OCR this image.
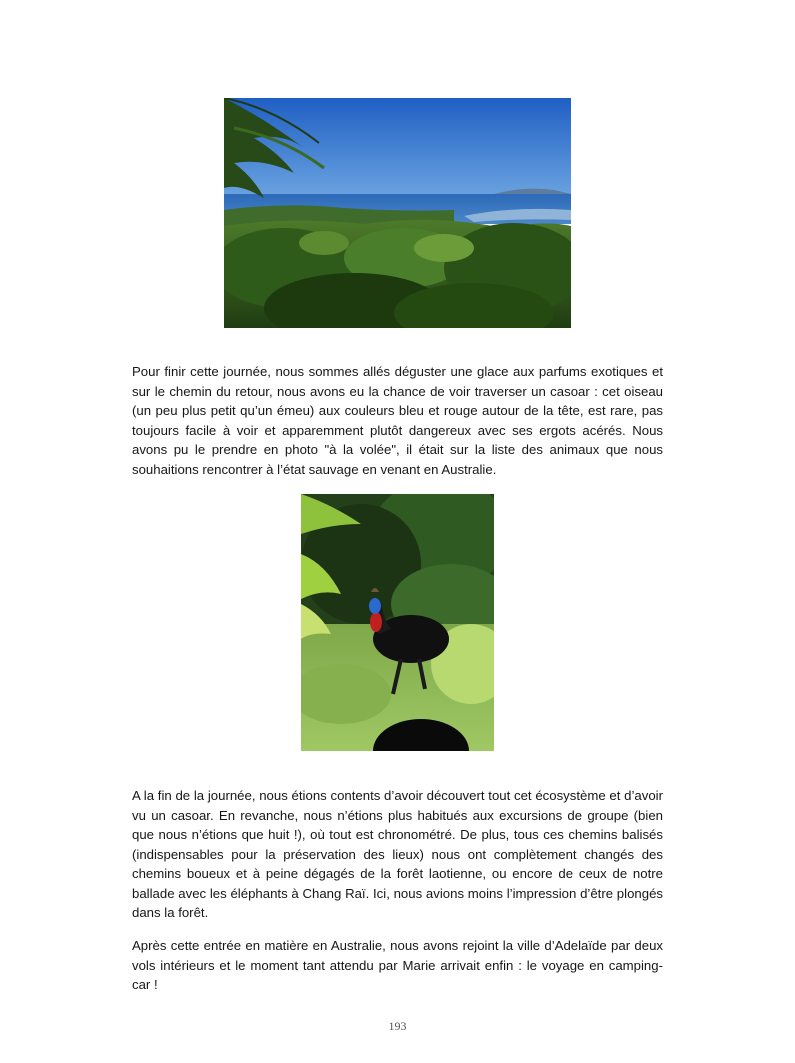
Pour finir cette journée, nous sommes allés déguster une glace aux parfums exotiques et sur le chemin du retour, nous avons eu la chance de voir traverser un casoar : cet oiseau (un peu plus petit qu’un émeu) aux couleurs bleu et rouge autour de la tête, est rare, pas toujours facile à voir et apparemment plutôt dangereux avec ses ergots acérés. Nous avons pu le prendre en photo "à la volée", il était sur la liste des animaux que nous souhaitions rencontrer à l’état sauvage en venant en Australie.

A la fin de la journée, nous étions contents d’avoir découvert tout cet écosystème et d’avoir vu un casoar. En revanche, nous n’étions plus habitués aux excursions de groupe (bien que nous n’étions que huit !), où tout est chronométré. De plus, tous ces chemins balisés (indispensables pour la préservation des lieux) nous ont complètement changés des chemins boueux et à peine dégagés de la forêt laotienne, ou encore de ceux de notre ballade avec les éléphants à Chang Raï. Ici, nous avions moins l’impression d’être plongés dans la forêt.

Après cette entrée en matière en Australie, nous avons rejoint la ville d’Adelaïde par deux vols intérieurs et le moment tant attendu par Marie arrivait enfin : le voyage en camping-car !

193
